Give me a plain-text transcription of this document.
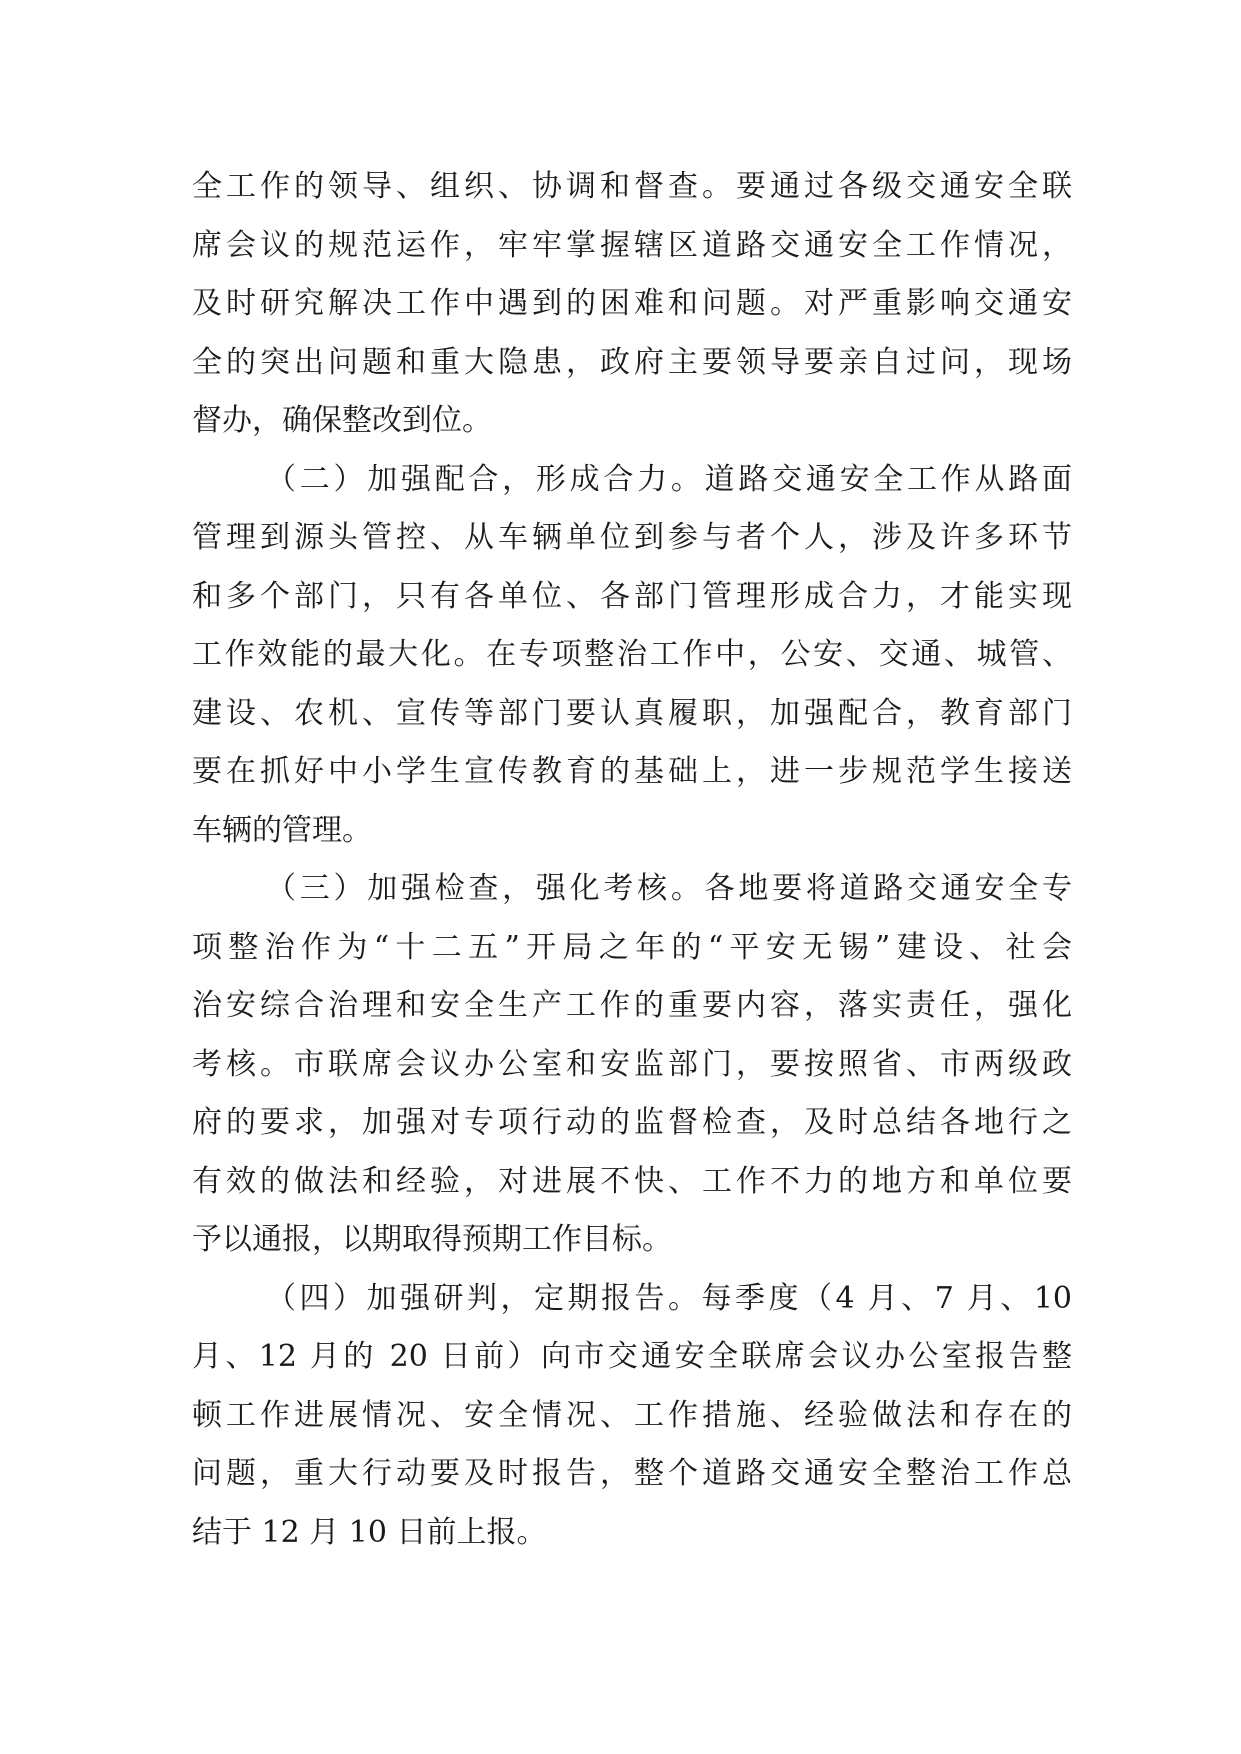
全工作的领导、组织、协调和督查。要通过各级交通安全联
席会议的规范运作，牢牢掌握辖区道路交通安全工作情况，
及时研究解决工作中遇到的困难和问题。对严重影响交通安
全的突出问题和重大隐患，政府主要领导要亲自过问，现场
督办，确保整改到位。
（二）加强配合，形成合力。道路交通安全工作从路面
管理到源头管控、从车辆单位到参与者个人，涉及许多环节
和多个部门，只有各单位、各部门管理形成合力，才能实现
工作效能的最大化。在专项整治工作中，公安、交通、城管、
建设、农机、宣传等部门要认真履职，加强配合，教育部门
要在抓好中小学生宣传教育的基础上，进一步规范学生接送
车辆的管理。
（三）加强检查，强化考核。各地要将道路交通安全专
项整治作为“十二五”开局之年的“平安无锡”建设、社会
治安综合治理和安全生产工作的重要内容，落实责任，强化
考核。市联席会议办公室和安监部门，要按照省、市两级政
府的要求，加强对专项行动的监督检查，及时总结各地行之
有效的做法和经验，对进展不快、工作不力的地方和单位要
予以通报，以期取得预期工作目标。
（四）加强研判，定期报告。每季度（4 月、7 月、10
月、12 月的 20 日前）向市交通安全联席会议办公室报告整
顿工作进展情况、安全情况、工作措施、经验做法和存在的
问题，重大行动要及时报告，整个道路交通安全整治工作总
结于 12 月 10 日前上报。
